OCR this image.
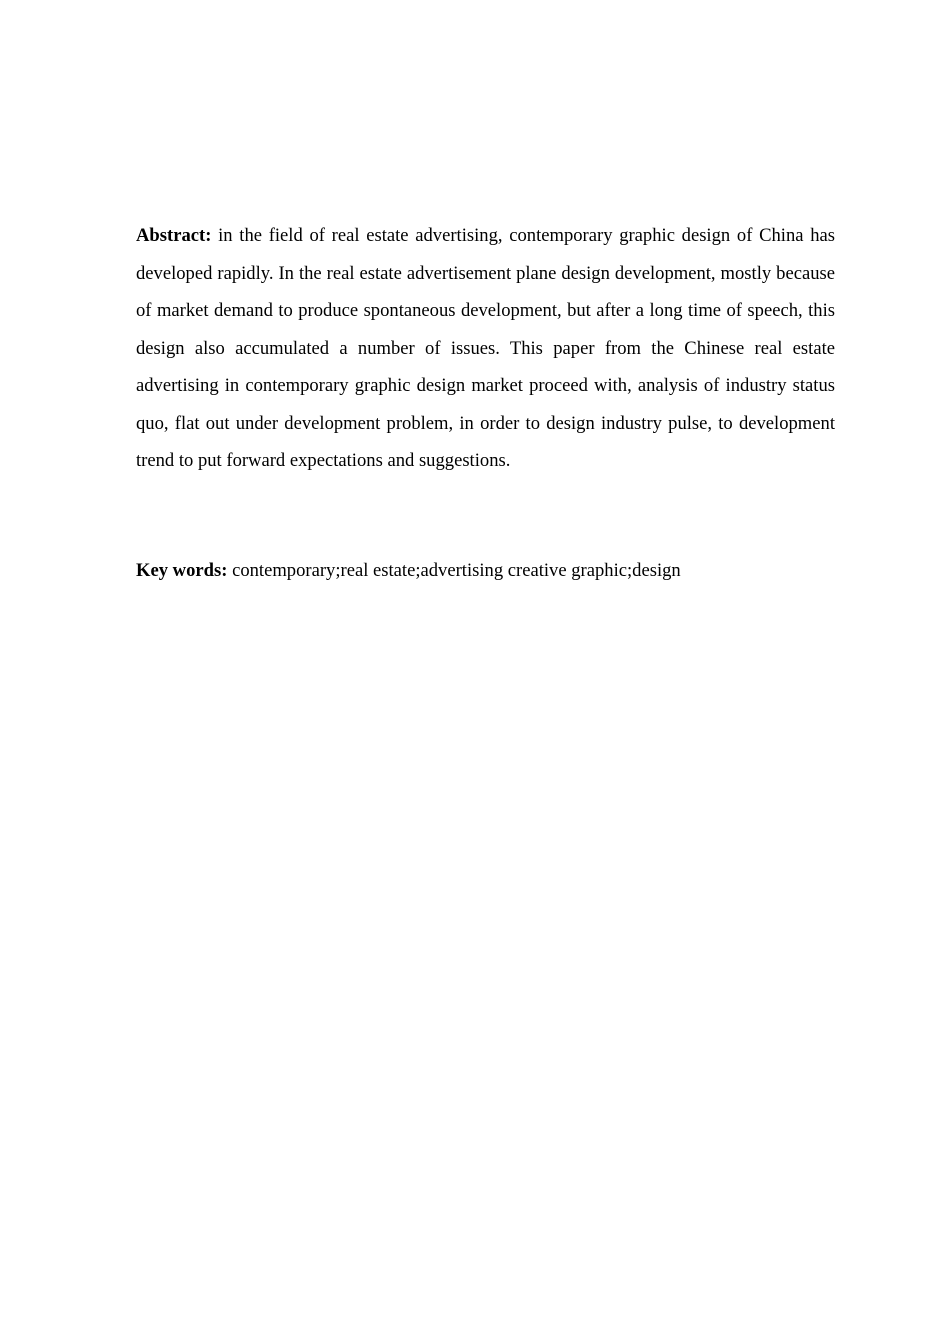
Abstract: in the field of real estate advertising, contemporary graphic design of China has developed rapidly. In the real estate advertisement plane design development, mostly because of market demand to produce spontaneous development, but after a long time of speech, this design also accumulated a number of issues. This paper from the Chinese real estate advertising in contemporary graphic design market proceed with, analysis of industry status quo, flat out under development problem, in order to design industry pulse, to development trend to put forward expectations and suggestions.

Key words: contemporary;real estate;advertising creative graphic;design
